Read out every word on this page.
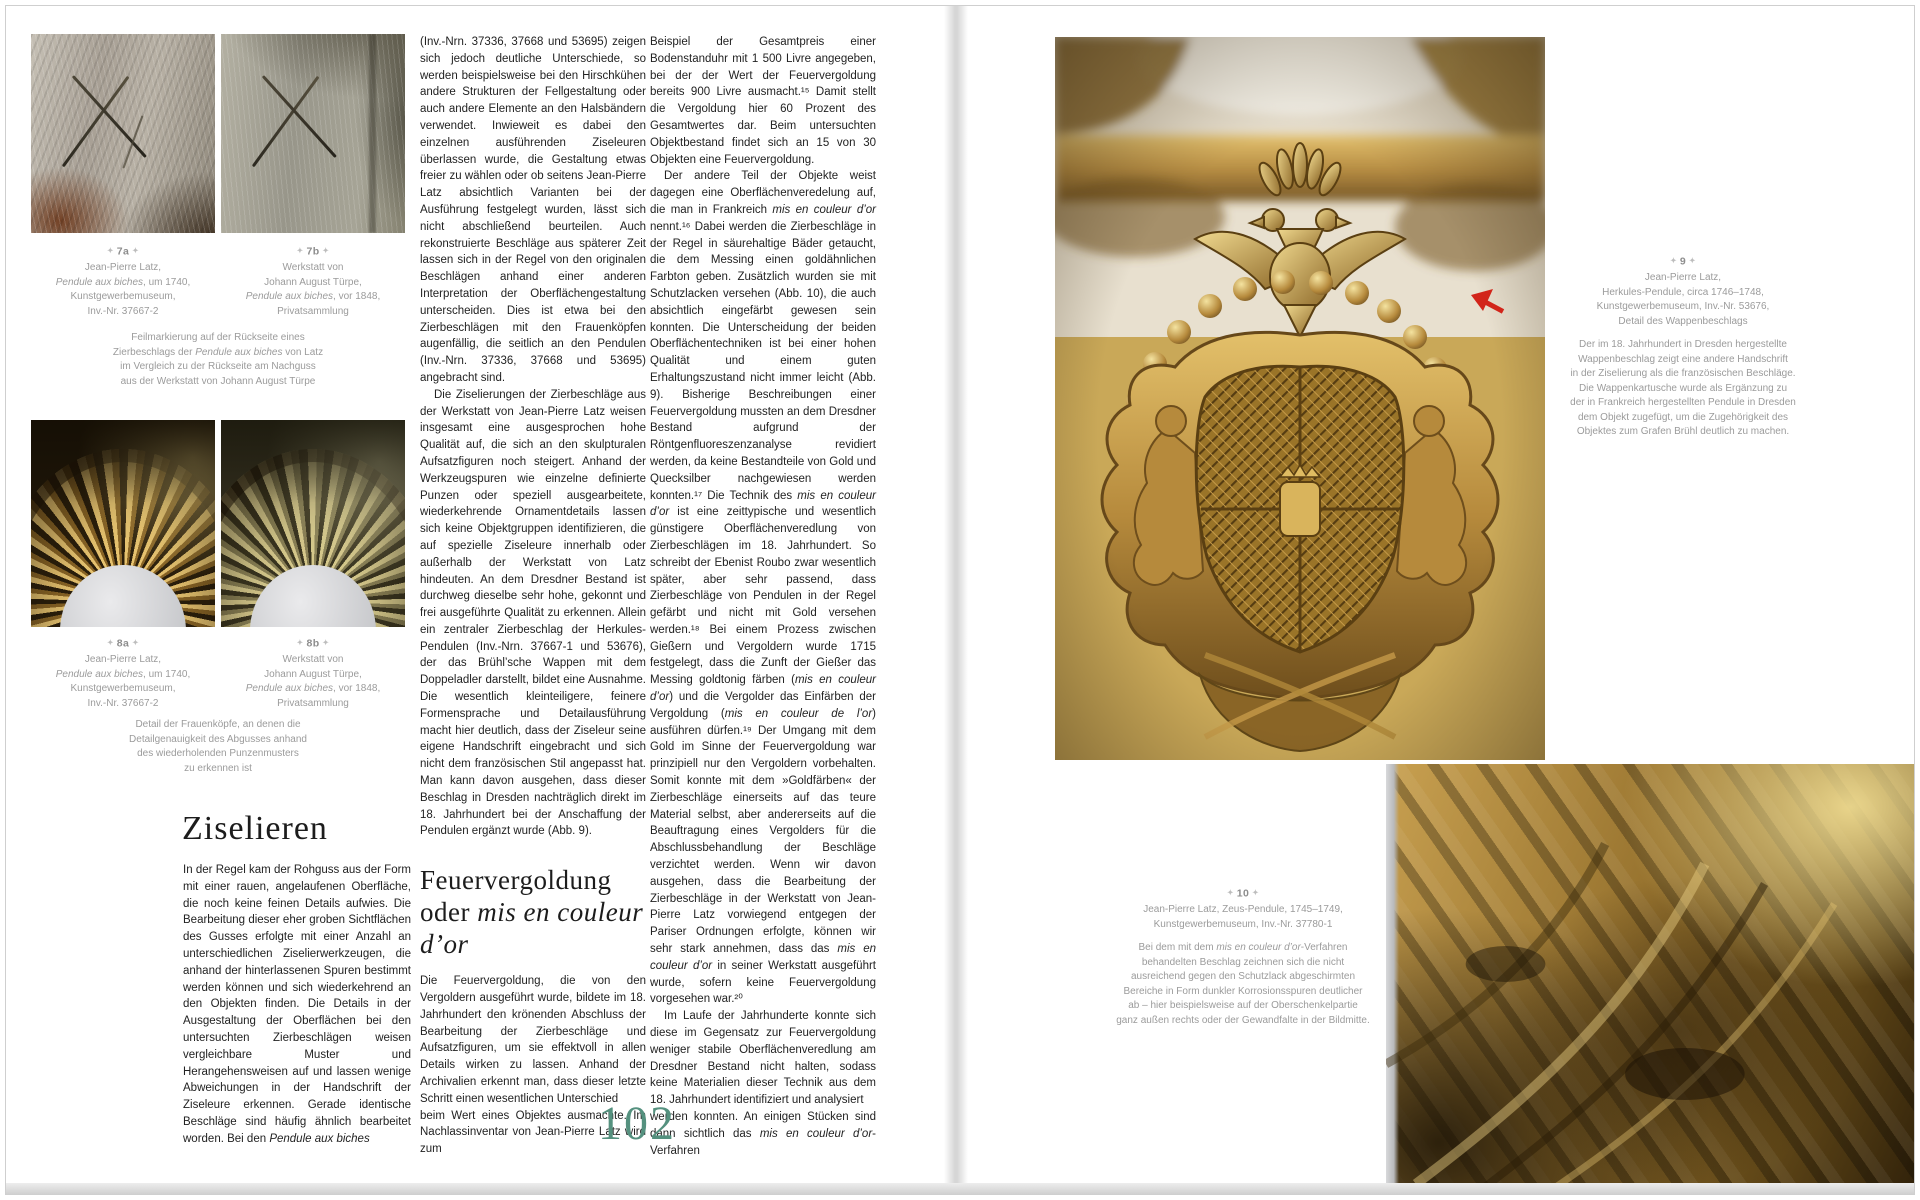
✦ 7a ✦
Jean-Pierre Latz,
Pendule aux biches, um 1740,
Kunstgewerbemuseum,
Inv.-Nr. 37667-2
✦ 7b ✦
Werkstatt von
Johann August Türpe,
Pendule aux biches, vor 1848,
Privatsammlung
Feilmarkierung auf der Rückseite eines
Zierbeschlags der Pendule aux biches von Latz
im Vergleich zu der Rückseite am Nachguss
aus der Werkstatt von Johann August Türpe
✦ 8a ✦
Jean-Pierre Latz,
Pendule aux biches, um 1740,
Kunstgewerbemuseum,
Inv.-Nr. 37667-2
✦ 8b ✦
Werkstatt von
Johann August Türpe,
Pendule aux biches, vor 1848,
Privatsammlung
Detail der Frauenköpfe, an denen die
Detailgenauigkeit des Abgusses anhand
des wiederholenden Punzenmusters
zu erkennen ist
Ziselieren

In der Regel kam der Rohguss aus der Form mit einer rauen, angelaufenen Oberfläche, die noch keine feinen Details aufwies. Die Bearbeitung dieser eher groben Sichtflächen des Gusses erfolgte mit einer Anzahl an unterschiedlichen Ziselierwerkzeugen, die anhand der hinterlassenen Spuren bestimmt werden können und sich wiederkehrend an den Objekten finden. Die Details in der Ausgestaltung der Oberflächen bei den untersuchten Zierbeschlägen weisen vergleichbare Muster und Herangehensweisen auf und lassen wenige Abweichungen in der Handschrift der Ziseleure erkennen. Gerade identische Beschläge sind häufig ähnlich bearbeitet worden. Bei den Pendule aux biches

(Inv.-Nrn. 37336, 37668 und 53695) zeigen sich jedoch deutliche Unterschiede, so werden beispielsweise bei den Hirschkühen andere Strukturen der Fellgestaltung oder auch andere Elemente an den Halsbändern verwendet. Inwieweit es dabei den einzelnen ausführenden Ziseleuren überlassen wurde, die Gestaltung etwas freier zu wählen oder ob seitens Jean-Pierre Latz absichtlich Varianten bei der Ausführung festgelegt wurden, lässt sich nicht abschließend beurteilen. Auch rekonstruierte Beschläge aus späterer Zeit lassen sich in der Regel von den originalen Beschlägen anhand einer anderen Interpretation der Oberflächengestaltung unterscheiden. Dies ist etwa bei den Zierbeschlägen mit den Frauenköpfen augenfällig, die seitlich an den Pendulen (Inv.-Nrn. 37336, 37668 und 53695) angebracht sind.

Die Ziselierungen der Zierbeschläge aus der Werkstatt von Jean-Pierre Latz weisen insgesamt eine ausgesprochen hohe Qualität auf, die sich an den skulpturalen Aufsatzfiguren noch steigert. Anhand der Werkzeugspuren wie einzelne definierte Punzen oder speziell ausgearbeitete, wiederkehrende Ornamentdetails lassen sich keine Objektgruppen identifizieren, die auf spezielle Ziseleure innerhalb oder außerhalb der Werkstatt von Latz hindeuten. An dem Dresdner Bestand ist durchweg dieselbe sehr hohe, gekonnt und frei ausgeführte Qualität zu erkennen. Allein ein zentraler Zierbeschlag der Herkules-Pendulen (Inv.-Nrn. 37667-1 und 53676), der das Brühl’sche Wappen mit dem Doppeladler darstellt, bildet eine Ausnahme. Die wesentlich kleinteiligere, feinere Formensprache und Detailausführung macht hier deutlich, dass der Ziseleur seine eigene Handschrift eingebracht und sich nicht dem französischen Stil angepasst hat. Man kann davon ausgehen, dass dieser Beschlag in Dresden nachträglich direkt im 18. Jahrhundert bei der Anschaffung der Pendulen ergänzt wurde (Abb. 9).

Feuervergoldung oder mis en couleur d’or

Die Feuervergoldung, die von den Vergoldern ausgeführt wurde, bildete im 18. Jahrhundert den krönenden Abschluss der Bearbeitung der Zierbeschläge und Aufsatzfiguren, um sie effektvoll in allen Details wirken zu lassen. Anhand der Archivalien erkennt man, dass dieser letzte Schritt einen wesentlichen Unterschied

beim Wert eines Objektes ausmachte. Im Nachlassinventar von Jean-Pierre Latz wird zum

Beispiel der Gesamtpreis einer Bodenstanduhr mit 1 500 Livre angegeben, bei der der Wert der Feuervergoldung bereits 900 Livre ausmacht.¹⁵ Damit stellt die Vergoldung hier 60 Prozent des Gesamtwertes dar. Beim untersuchten Objektbestand findet sich an 15 von 30 Objekten eine Feuervergoldung.

Der andere Teil der Objekte weist dagegen eine Oberflächenveredelung auf, die man in Frankreich mis en couleur d’or nennt.¹⁶ Dabei werden die Zierbeschläge in der Regel in säurehaltige Bäder getaucht, die dem Messing einen goldähnlichen Farbton geben. Zusätzlich wurden sie mit Schutzlacken versehen (Abb. 10), die auch absichtlich eingefärbt gewesen sein konnten. Die Unterscheidung der beiden Oberflächentechniken ist bei einer hohen Qualität und einem guten Erhaltungszustand nicht immer leicht (Abb. 9). Bisherige Beschreibungen einer Feuervergoldung mussten an dem Dresdner Bestand aufgrund der Röntgenfluoreszenzanalyse revidiert werden, da keine Bestandteile von Gold und Quecksilber nachgewiesen werden konnten.¹⁷ Die Technik des mis en couleur d’or ist eine zeittypische und wesentlich günstigere Oberflächenveredlung von Zierbeschlägen im 18. Jahrhundert. So schreibt der Ebenist Roubo zwar wesentlich später, aber sehr passend, dass Zierbeschläge von Pendulen in der Regel gefärbt und nicht mit Gold versehen werden.¹⁸ Bei einem Prozess zwischen Gießern und Vergoldern wurde 1715 festgelegt, dass die Zunft der Gießer das Messing goldtonig färben (mis en couleur d’or) und die Vergolder das Einfärben der Vergoldung (mis en couleur de l’or) ausführen dürfen.¹⁹ Der Umgang mit dem Gold im Sinne der Feuervergoldung war prinzipiell nur den Vergoldern vorbehalten. Somit konnte mit dem »Goldfärben« der Zierbeschläge einerseits auf das teure Material selbst, aber andererseits auf die Beauftragung eines Vergolders für die Abschlussbehandlung der Beschläge verzichtet werden. Wenn wir davon ausgehen, dass die Bearbeitung der Zierbeschläge in der Werkstatt von Jean-Pierre Latz vorwiegend entgegen der Pariser Ordnungen erfolgte, können wir sehr stark annehmen, dass das mis en couleur d’or in seiner Werkstatt ausgeführt wurde, sofern keine Feuervergoldung vorgesehen war.²⁰

Im Laufe der Jahrhunderte konnte sich diese im Gegensatz zur Feuervergoldung weniger stabile Oberflächenveredlung am Dresdner Bestand nicht halten, sodass keine Materialien dieser Technik aus dem 18. Jahrhundert identifiziert und analysiert

werden konnten. An einigen Stücken sind dann sichtlich das mis en couleur d’or-Verfahren

102
✦ 9 ✦
Jean-Pierre Latz,
Herkules-Pendule, circa 1746–1748,
Kunstgewerbemuseum, Inv.-Nr. 53676,
Detail des Wappenbeschlags
Der im 18. Jahrhundert in Dresden hergestellte
Wappenbeschlag zeigt eine andere Handschrift
in der Ziselierung als die französischen Beschläge.
Die Wappenkartusche wurde als Ergänzung zu
der in Frankreich hergestellten Pendule in Dresden
dem Objekt zugefügt, um die Zugehörigkeit des
Objektes zum Grafen Brühl deutlich zu machen.
✦ 10 ✦
Jean-Pierre Latz, Zeus-Pendule, 1745–1749,
Kunstgewerbemuseum, Inv.-Nr. 37780-1
Bei dem mit dem mis en couleur d’or-Verfahren
behandelten Beschlag zeichnen sich die nicht
ausreichend gegen den Schutzlack abgeschirmten
Bereiche in Form dunkler Korrosionsspuren deutlicher
ab – hier beispielsweise auf der Oberschenkelpartie
ganz außen rechts oder der Gewandfalte in der Bildmitte.
